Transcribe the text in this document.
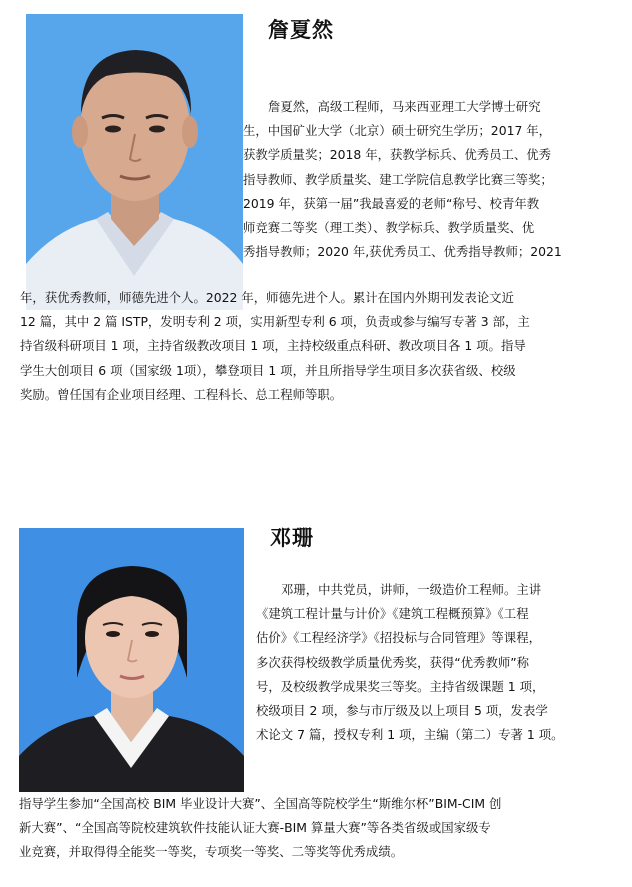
詹夏然
詹夏然，高级工程师，马来西亚理工大学博士研究
生，中国矿业大学（北京）硕士研究生学历；2017 年，
获教学质量奖；2018 年，获教学标兵、优秀员工、优秀
指导教师、教学质量奖、建工学院信息教学比赛三等奖；
2019 年，获第一届”我最喜爱的老师“称号、校青年教
师竞赛二等奖（理工类）、教学标兵、教学质量奖、优
秀指导教师；2020 年,获优秀员工、优秀指导教师；2021
年，获优秀教师，师德先进个人。2022 年，师德先进个人。累计在国内外期刊发表论文近
12 篇，其中 2 篇 ISTP，发明专利 2 项，实用新型专利 6 项，负责或参与编写专著 3 部，主
持省级科研项目 1 项，主持省级教改项目 1 项，主持校级重点科研、教改项目各 1 项。指导
学生大创项目 6 项（国家级 1项），攀登项目 1 项，并且所指导学生项目多次获省级、校级
奖励。曾任国有企业项目经理、工程科长、总工程师等职。
邓珊
邓珊，中共党员，讲师，一级造价工程师。主讲
《建筑工程计量与计价》《建筑工程概预算》《工程
估价》《工程经济学》《招投标与合同管理》等课程，
多次获得校级教学质量优秀奖，获得“优秀教师”称
号，及校级教学成果奖三等奖。主持省级课题 1 项，
校级项目 2 项，参与市厅级及以上项目 5 项，发表学
术论文 7 篇，授权专利 1 项，主编（第二）专著 1 项。
指导学生参加“全国高校 BIM 毕业设计大赛”、全国高等院校学生“斯维尔杯”BIM-CIM 创
新大赛”、“全国高等院校建筑软件技能认证大赛-BIM 算量大赛”等各类省级或国家级专
业竞赛，并取得得全能奖一等奖，专项奖一等奖、二等奖等优秀成绩。
